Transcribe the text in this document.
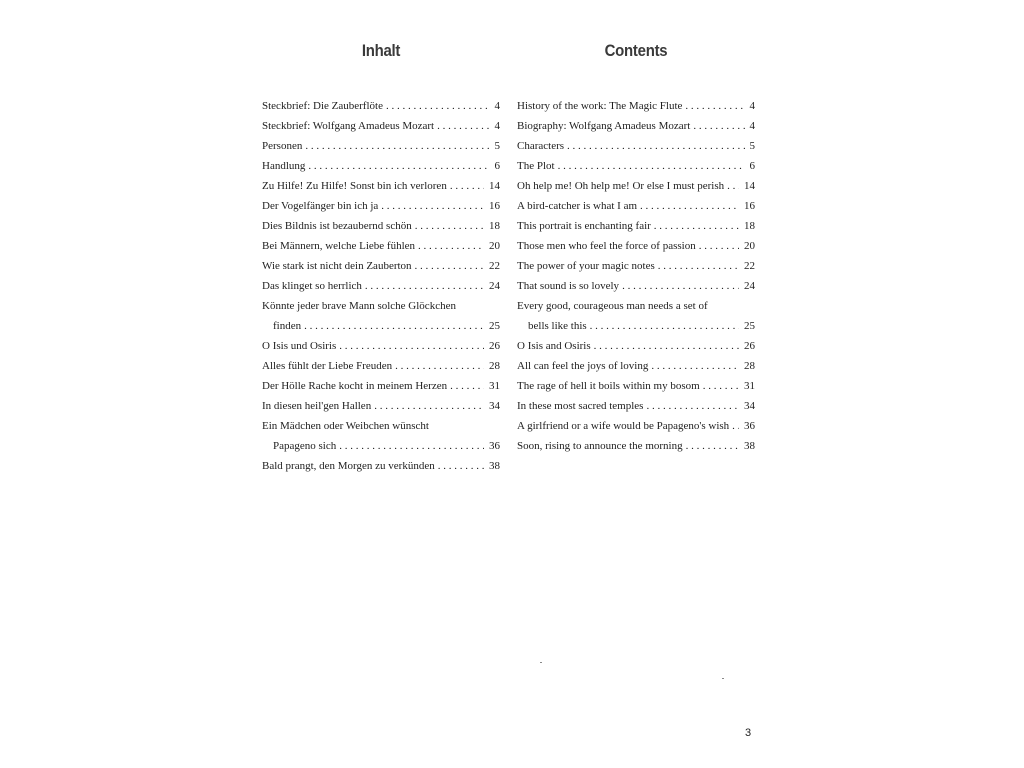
Inhalt	Contents
Steckbrief: Die Zauberflöte . . .	4
Steckbrief: Wolfgang Amadeus Mozart . . .	4
Personen . . .	5
Handlung . . .	6
Zu Hilfe! Zu Hilfe! Sonst bin ich verloren . . .	14
Der Vogelfänger bin ich ja . . .	16
Dies Bildnis ist bezaubernd schön . . .	18
Bei Männern, welche Liebe fühlen . . .	20
Wie stark ist nicht dein Zauberton . . .	22
Das klinget so herrlich . . .	24
Könnte jeder brave Mann solche Glöckchen
finden . . .	25
O Isis und Osiris . . .	26
Alles fühlt der Liebe Freuden . . .	28
Der Hölle Rache kocht in meinem Herzen . . .	31
In diesen heil'gen Hallen . . .	34
Ein Mädchen oder Weibchen wünscht
Papageno sich . . .	36
Bald prangt, den Morgen zu verkünden . . .	38
History of the work: The Magic Flute . . .	4
Biography: Wolfgang Amadeus Mozart . . .	4
Characters . . .	5
The Plot . . .	6
Oh help me! Oh help me! Or else I must perish . . .	14
A bird-catcher is what I am . . .	16
This portrait is enchanting fair . . .	18
Those men who feel the force of passion . . .	20
The power of your magic notes . . .	22
That sound is so lovely . . .	24
Every good, courageous man needs a set of
bells like this . . .	25
O Isis and Osiris . . .	26
All can feel the joys of loving . . .	28
The rage of hell it boils within my bosom . . .	31
In these most sacred temples . . .	34
A girlfriend or a wife would be Papageno's wish . . .	36
Soon, rising to announce the morning . . .	38
3
